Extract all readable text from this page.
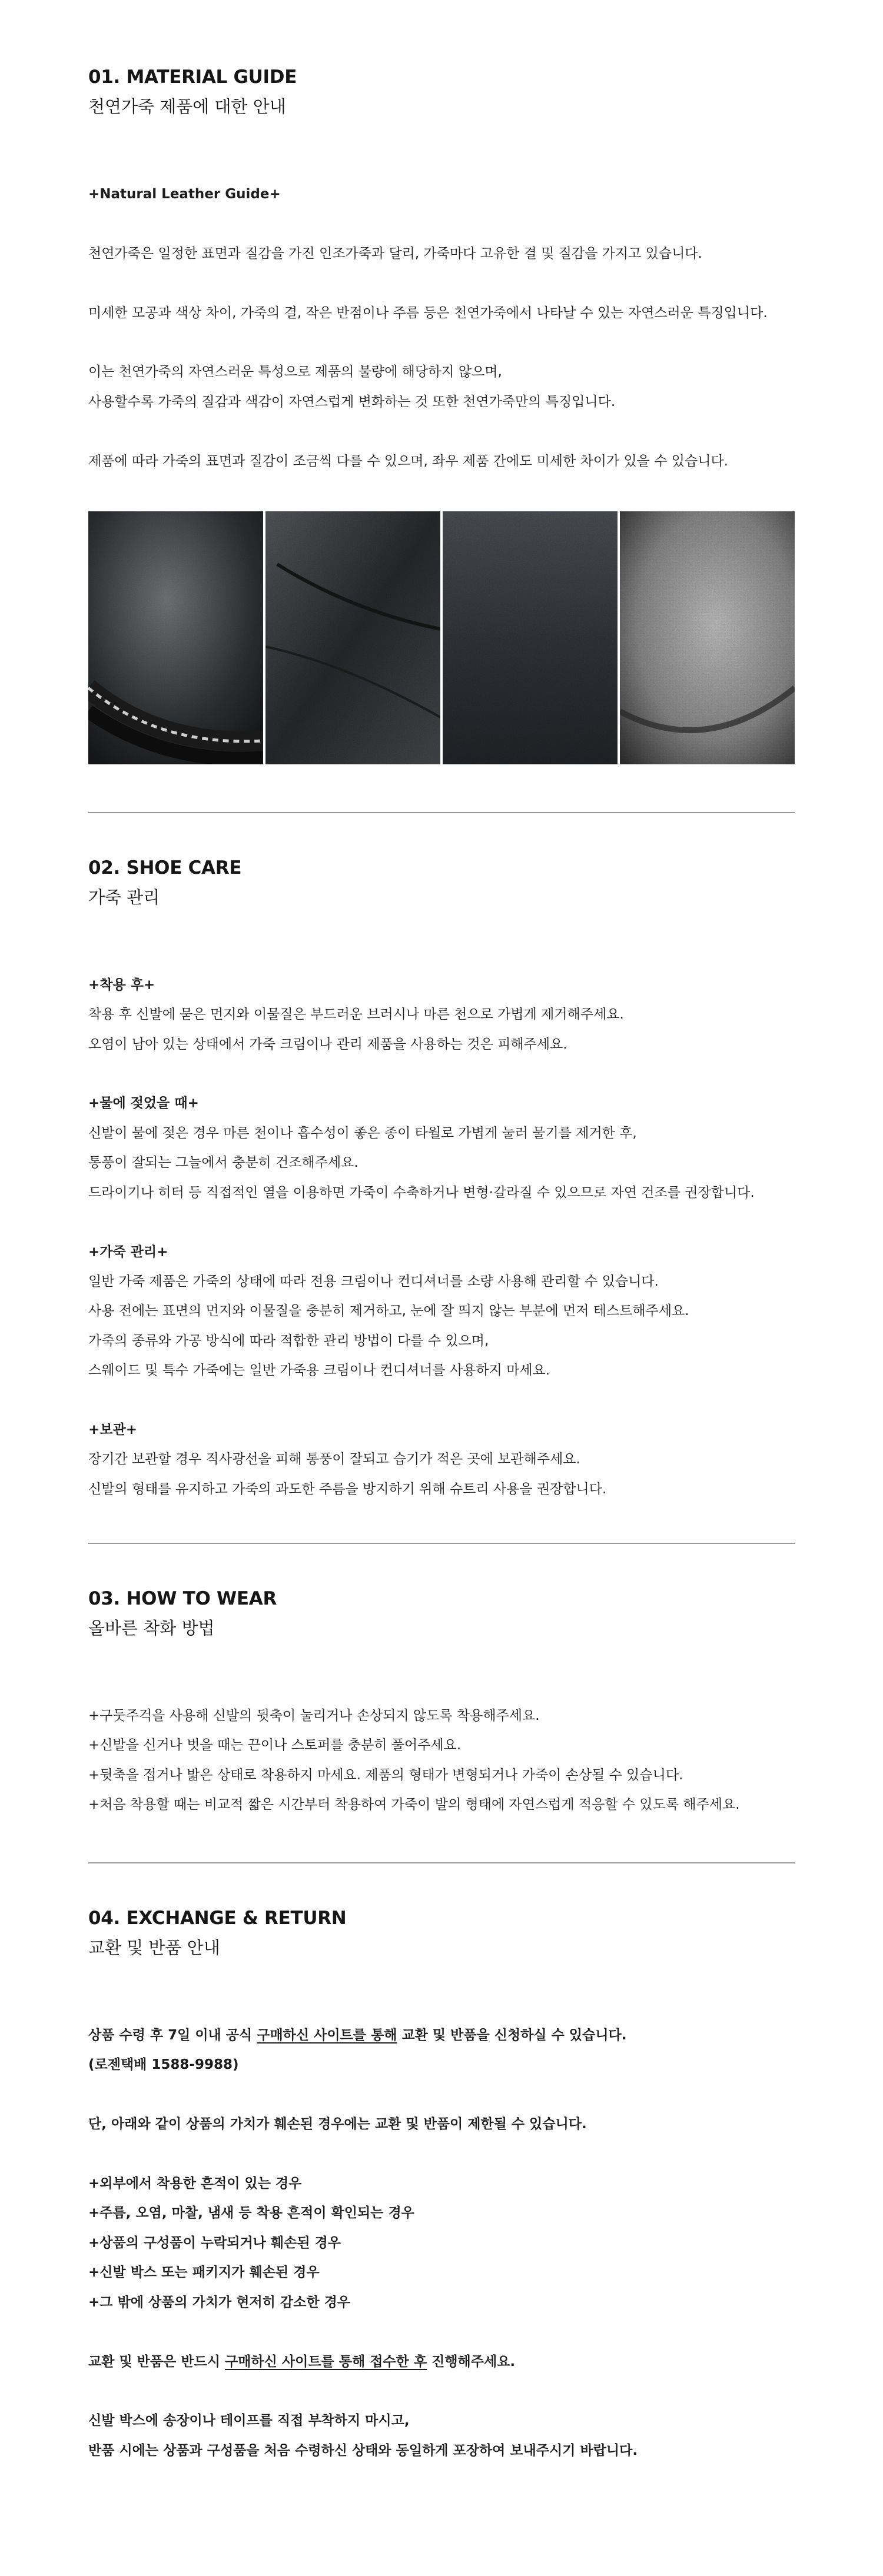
01. MATERIAL GUIDE
천연가죽 제품에 대한 안내
+Natural Leather Guide+
천연가죽은 일정한 표면과 질감을 가진 인조가죽과 달리, 가죽마다 고유한 결 및 질감을 가지고 있습니다.
미세한 모공과 색상 차이, 가죽의 결, 작은 반점이나 주름 등은 천연가죽에서 나타날 수 있는 자연스러운 특징입니다.
이는 천연가죽의 자연스러운 특성으로 제품의 불량에 해당하지 않으며,
사용할수록 가죽의 질감과 색감이 자연스럽게 변화하는 것 또한 천연가죽만의 특징입니다.
제품에 따라 가죽의 표면과 질감이 조금씩 다를 수 있으며, 좌우 제품 간에도 미세한 차이가 있을 수 있습니다.
02. SHOE CARE
가죽 관리
+착용 후+
착용 후 신발에 묻은 먼지와 이물질은 부드러운 브러시나 마른 천으로 가볍게 제거해주세요.
오염이 남아 있는 상태에서 가죽 크림이나 관리 제품을 사용하는 것은 피해주세요.
+물에 젖었을 때+
신발이 물에 젖은 경우 마른 천이나 흡수성이 좋은 종이 타월로 가볍게 눌러 물기를 제거한 후,
통풍이 잘되는 그늘에서 충분히 건조해주세요.
드라이기나 히터 등 직접적인 열을 이용하면 가죽이 수축하거나 변형·갈라질 수 있으므로 자연 건조를 권장합니다.
+가죽 관리+
일반 가죽 제품은 가죽의 상태에 따라 전용 크림이나 컨디셔너를 소량 사용해 관리할 수 있습니다.
사용 전에는 표면의 먼지와 이물질을 충분히 제거하고, 눈에 잘 띄지 않는 부분에 먼저 테스트해주세요.
가죽의 종류와 가공 방식에 따라 적합한 관리 방법이 다를 수 있으며,
스웨이드 및 특수 가죽에는 일반 가죽용 크림이나 컨디셔너를 사용하지 마세요.
+보관+
장기간 보관할 경우 직사광선을 피해 통풍이 잘되고 습기가 적은 곳에 보관해주세요.
신발의 형태를 유지하고 가죽의 과도한 주름을 방지하기 위해 슈트리 사용을 권장합니다.
03. HOW TO WEAR
올바른 착화 방법
+구둣주걱을 사용해 신발의 뒷축이 눌리거나 손상되지 않도록 착용해주세요.
+신발을 신거나 벗을 때는 끈이나 스토퍼를 충분히 풀어주세요.
+뒷축을 접거나 밟은 상태로 착용하지 마세요. 제품의 형태가 변형되거나 가죽이 손상될 수 있습니다.
+처음 착용할 때는 비교적 짧은 시간부터 착용하여 가죽이 발의 형태에 자연스럽게 적응할 수 있도록 해주세요.
04. EXCHANGE & RETURN
교환 및 반품 안내
상품 수령 후 7일 이내 공식 구매하신 사이트를 통해 교환 및 반품을 신청하실 수 있습니다.
(로젠택배 1588-9988)
단, 아래와 같이 상품의 가치가 훼손된 경우에는 교환 및 반품이 제한될 수 있습니다.
+외부에서 착용한 흔적이 있는 경우
+주름, 오염, 마찰, 냄새 등 착용 흔적이 확인되는 경우
+상품의 구성품이 누락되거나 훼손된 경우
+신발 박스 또는 패키지가 훼손된 경우
+그 밖에 상품의 가치가 현저히 감소한 경우
교환 및 반품은 반드시 구매하신 사이트를 통해 접수한 후 진행해주세요.
신발 박스에 송장이나 테이프를 직접 부착하지 마시고,
반품 시에는 상품과 구성품을 처음 수령하신 상태와 동일하게 포장하여 보내주시기 바랍니다.
